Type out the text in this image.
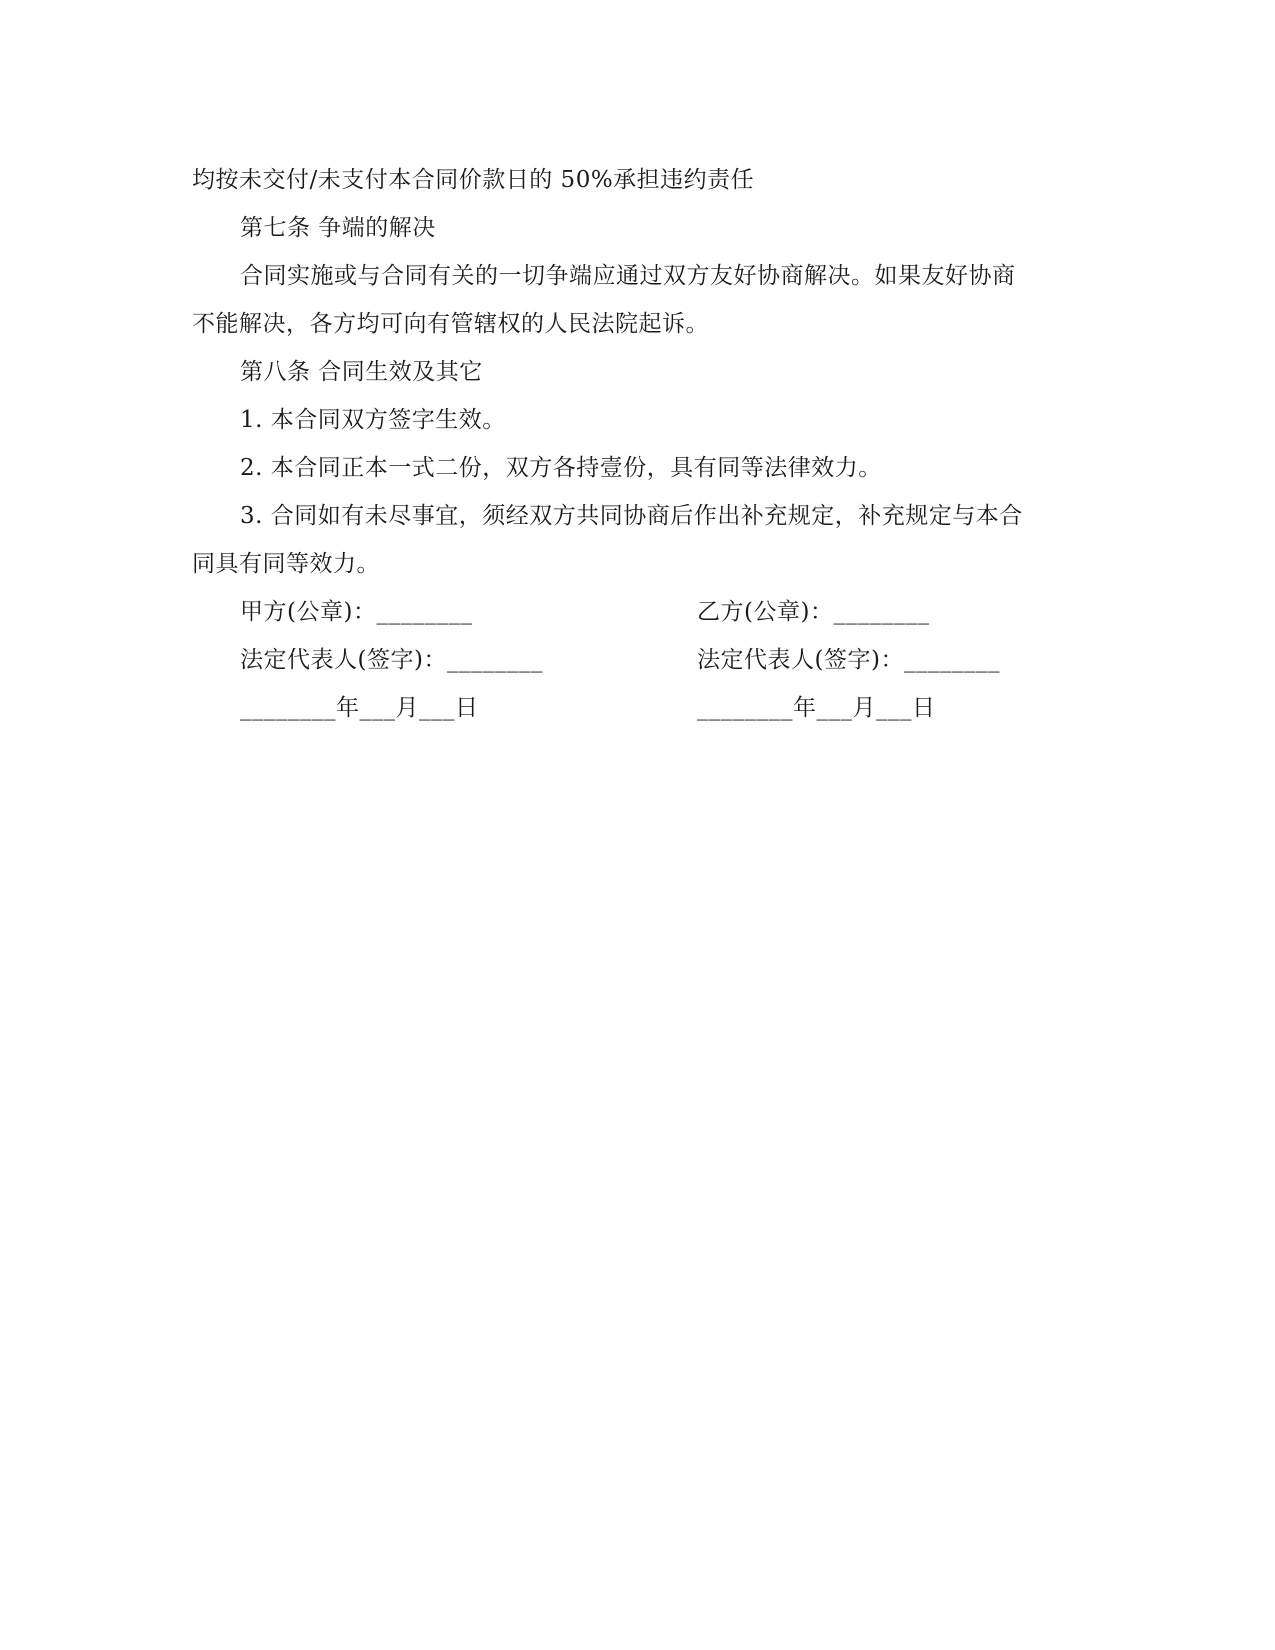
均按未交付/未支付本合同价款日的 50%承担违约责任
第七条 争端的解决
合同实施或与合同有关的一切争端应通过双方友好协商解决。如果友好协商
不能解决，各方均可向有管辖权的人民法院起诉。
第八条 合同生效及其它
1. 本合同双方签字生效。
2. 本合同正本一式二份，双方各持壹份，具有同等法律效力。
3. 合同如有未尽事宜，须经双方共同协商后作出补充规定，补充规定与本合
同具有同等效力。
甲方(公章)：________	乙方(公章)：________
法定代表人(签字)：________	法定代表人(签字)：________
________年___月___日	________年___月___日
